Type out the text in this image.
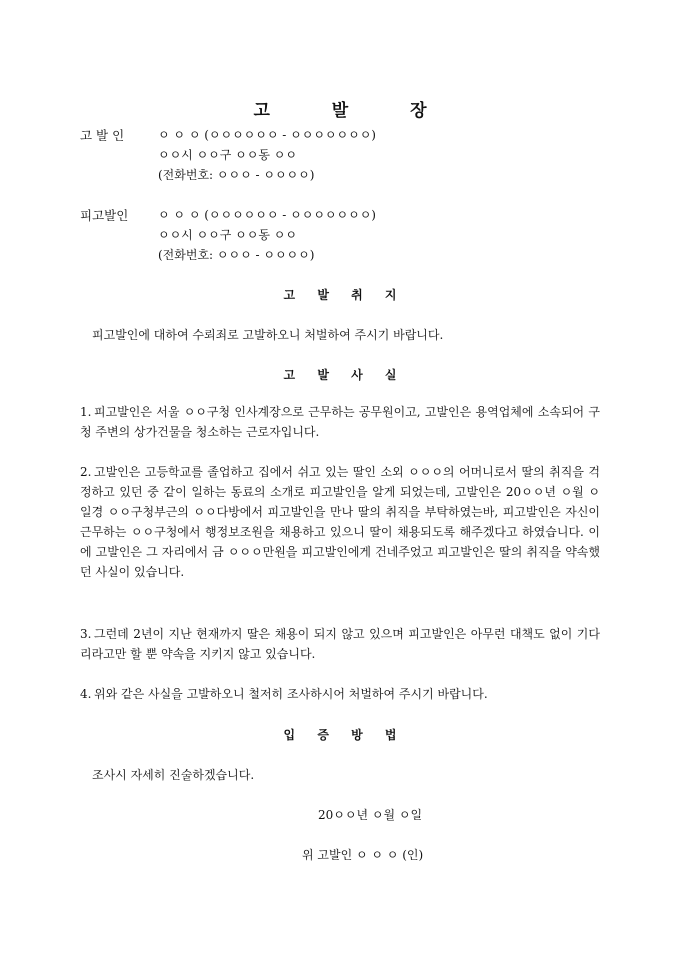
고 발 장
고 발 인	ㅇ ㅇ ㅇ (ㅇㅇㅇㅇㅇㅇ - ㅇㅇㅇㅇㅇㅇㅇ)
ㅇㅇ시 ㅇㅇ구 ㅇㅇ동 ㅇㅇ
(전화번호: ㅇㅇㅇ - ㅇㅇㅇㅇ)
피고발인 ㅇ ㅇ ㅇ (ㅇㅇㅇㅇㅇㅇ - ㅇㅇㅇㅇㅇㅇㅇ)
ㅇㅇ시 ㅇㅇ구 ㅇㅇ동 ㅇㅇ
(전화번호: ㅇㅇㅇ - ㅇㅇㅇㅇ)
고 발 취 지
피고발인에 대하여 수뢰죄로 고발하오니 처벌하여 주시기 바랍니다.
고 발 사 실
1. 피고발인은 서울 ㅇㅇ구청 인사계장으로 근무하는 공무원이고, 고발인은 용역업체에 소속되어 구청 주변의 상가건물을 청소하는 근로자입니다.
2. 고발인은 고등학교를 졸업하고 집에서 쉬고 있는 딸인 소외 ㅇㅇㅇ의 어머니로서 딸의 취직을 걱정하고 있던 중 같이 일하는 동료의 소개로 피고발인을 알게 되었는데, 고발인은 20ㅇㅇ년 ㅇ월 ㅇ일경 ㅇㅇ구청부근의 ㅇㅇ다방에서 피고발인을 만나 딸의 취직을 부탁하였는바, 피고발인은 자신이 근무하는 ㅇㅇ구청에서 행정보조원을 채용하고 있으니 딸이 채용되도록 해주겠다고 하였습니다. 이에 고발인은 그 자리에서 금 ㅇㅇㅇ만원을 피고발인에게 건네주었고 피고발인은 딸의 취직을 약속했던 사실이 있습니다.
3. 그런데 2년이 지난 현재까지 딸은 채용이 되지 않고 있으며 피고발인은 아무런 대책도 없이 기다리라고만 할 뿐 약속을 지키지 않고 있습니다.
4. 위와 같은 사실을 고발하오니 철저히 조사하시어 처벌하여 주시기 바랍니다.
입 증 방 법
조사시 자세히 진술하겠습니다.
20ㅇㅇ년 ㅇ월 ㅇ일
위 고발인 ㅇ ㅇ ㅇ (인)
